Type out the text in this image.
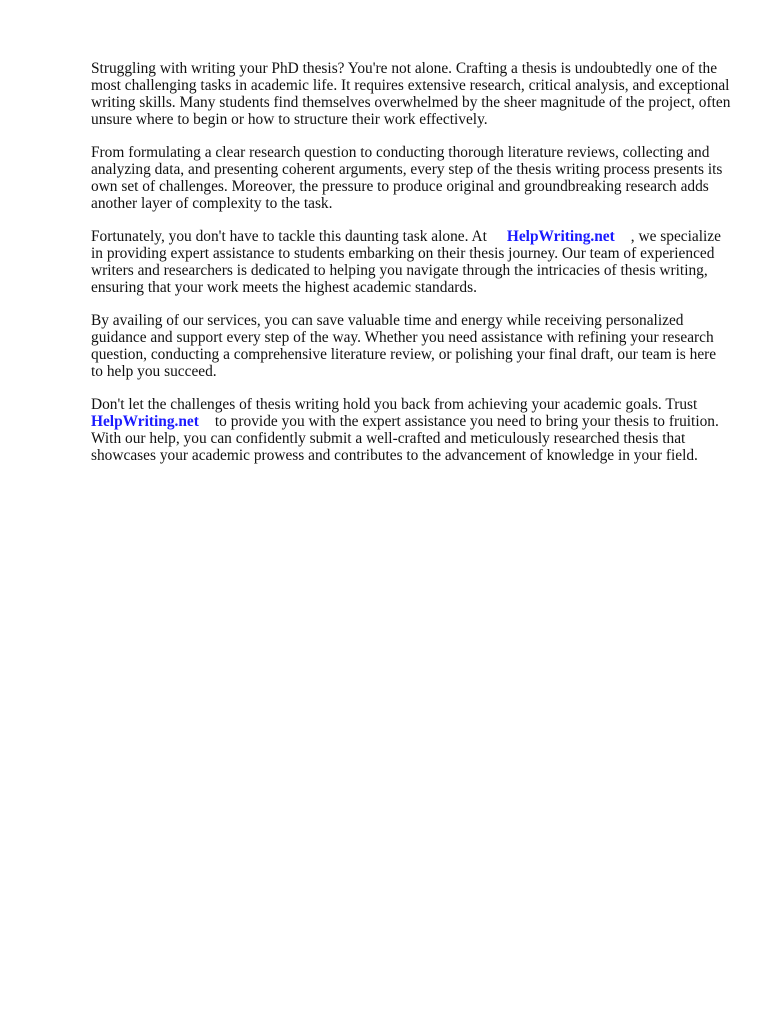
Struggling with writing your PhD thesis? You're not alone. Crafting a thesis is undoubtedly one of the most challenging tasks in academic life. It requires extensive research, critical analysis, and exceptional writing skills. Many students find themselves overwhelmed by the sheer magnitude of the project, often unsure where to begin or how to structure their work effectively.

From formulating a clear research question to conducting thorough literature reviews, collecting and analyzing data, and presenting coherent arguments, every step of the thesis writing process presents its own set of challenges. Moreover, the pressure to produce original and groundbreaking research adds another layer of complexity to the task.

Fortunately, you don't have to tackle this daunting task alone. At HelpWriting.net , we specialize in providing expert assistance to students embarking on their thesis journey. Our team of experienced writers and researchers is dedicated to helping you navigate through the intricacies of thesis writing, ensuring that your work meets the highest academic standards.

By availing of our services, you can save valuable time and energy while receiving personalized guidance and support every step of the way. Whether you need assistance with refining your research question, conducting a comprehensive literature review, or polishing your final draft, our team is here to help you succeed.

Don't let the challenges of thesis writing hold you back from achieving your academic goals. Trust HelpWriting.net to provide you with the expert assistance you need to bring your thesis to fruition. With our help, you can confidently submit a well-crafted and meticulously researched thesis that showcases your academic prowess and contributes to the advancement of knowledge in your field.
